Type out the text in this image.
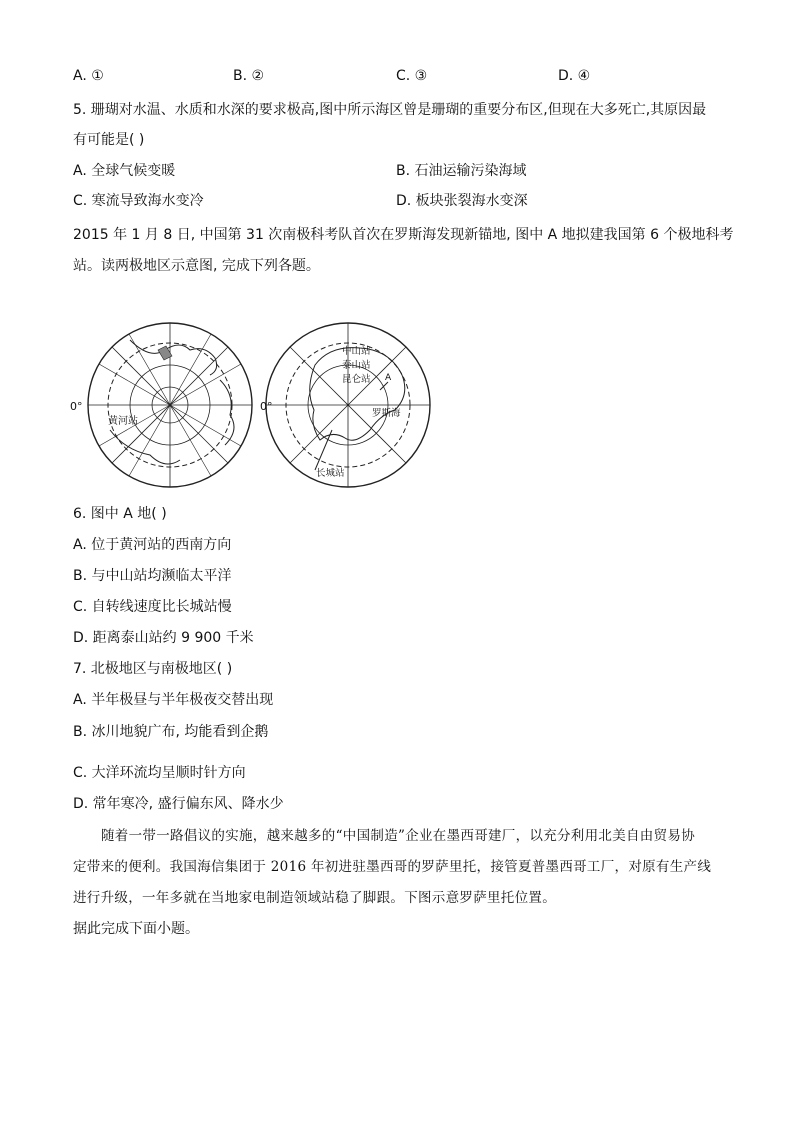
A. ①	B. ②	C. ③	D. ④
5. 珊瑚对水温、水质和水深的要求极高,图中所示海区曾是珊瑚的重要分布区,但现在大多死亡,其原因最
有可能是( )
A. 全球气候变暖	B. 石油运输污染海域
C. 寒流导致海水变冷	D. 板块张裂海水变深
2015 年 1 月 8 日, 中国第 31 次南极科考队首次在罗斯海发现新锚地, 图中 A 地拟建我国第 6 个极地科考
站。读两极地区示意图, 完成下列各题。
0°
黄河站
0°
中山站
泰山站
昆仑站 A
罗斯海
长城站
6. 图中 A 地( )
A. 位于黄河站的西南方向
B. 与中山站均濒临太平洋
C. 自转线速度比长城站慢
D. 距离泰山站约 9 900 千米
7. 北极地区与南极地区( )
A. 半年极昼与半年极夜交替出现
B. 冰川地貌广布, 均能看到企鹅
C. 大洋环流均呈顺时针方向
D. 常年寒冷, 盛行偏东风、降水少
随着一带一路倡议的实施，越来越多的“中国制造”企业在墨西哥建厂，以充分利用北美自由贸易协
定带来的便利。我国海信集团于 2016 年初进驻墨西哥的罗萨里托，接管夏普墨西哥工厂，对原有生产线
进行升级，一年多就在当地家电制造领域站稳了脚跟。下图示意罗萨里托位置。
据此完成下面小题。
